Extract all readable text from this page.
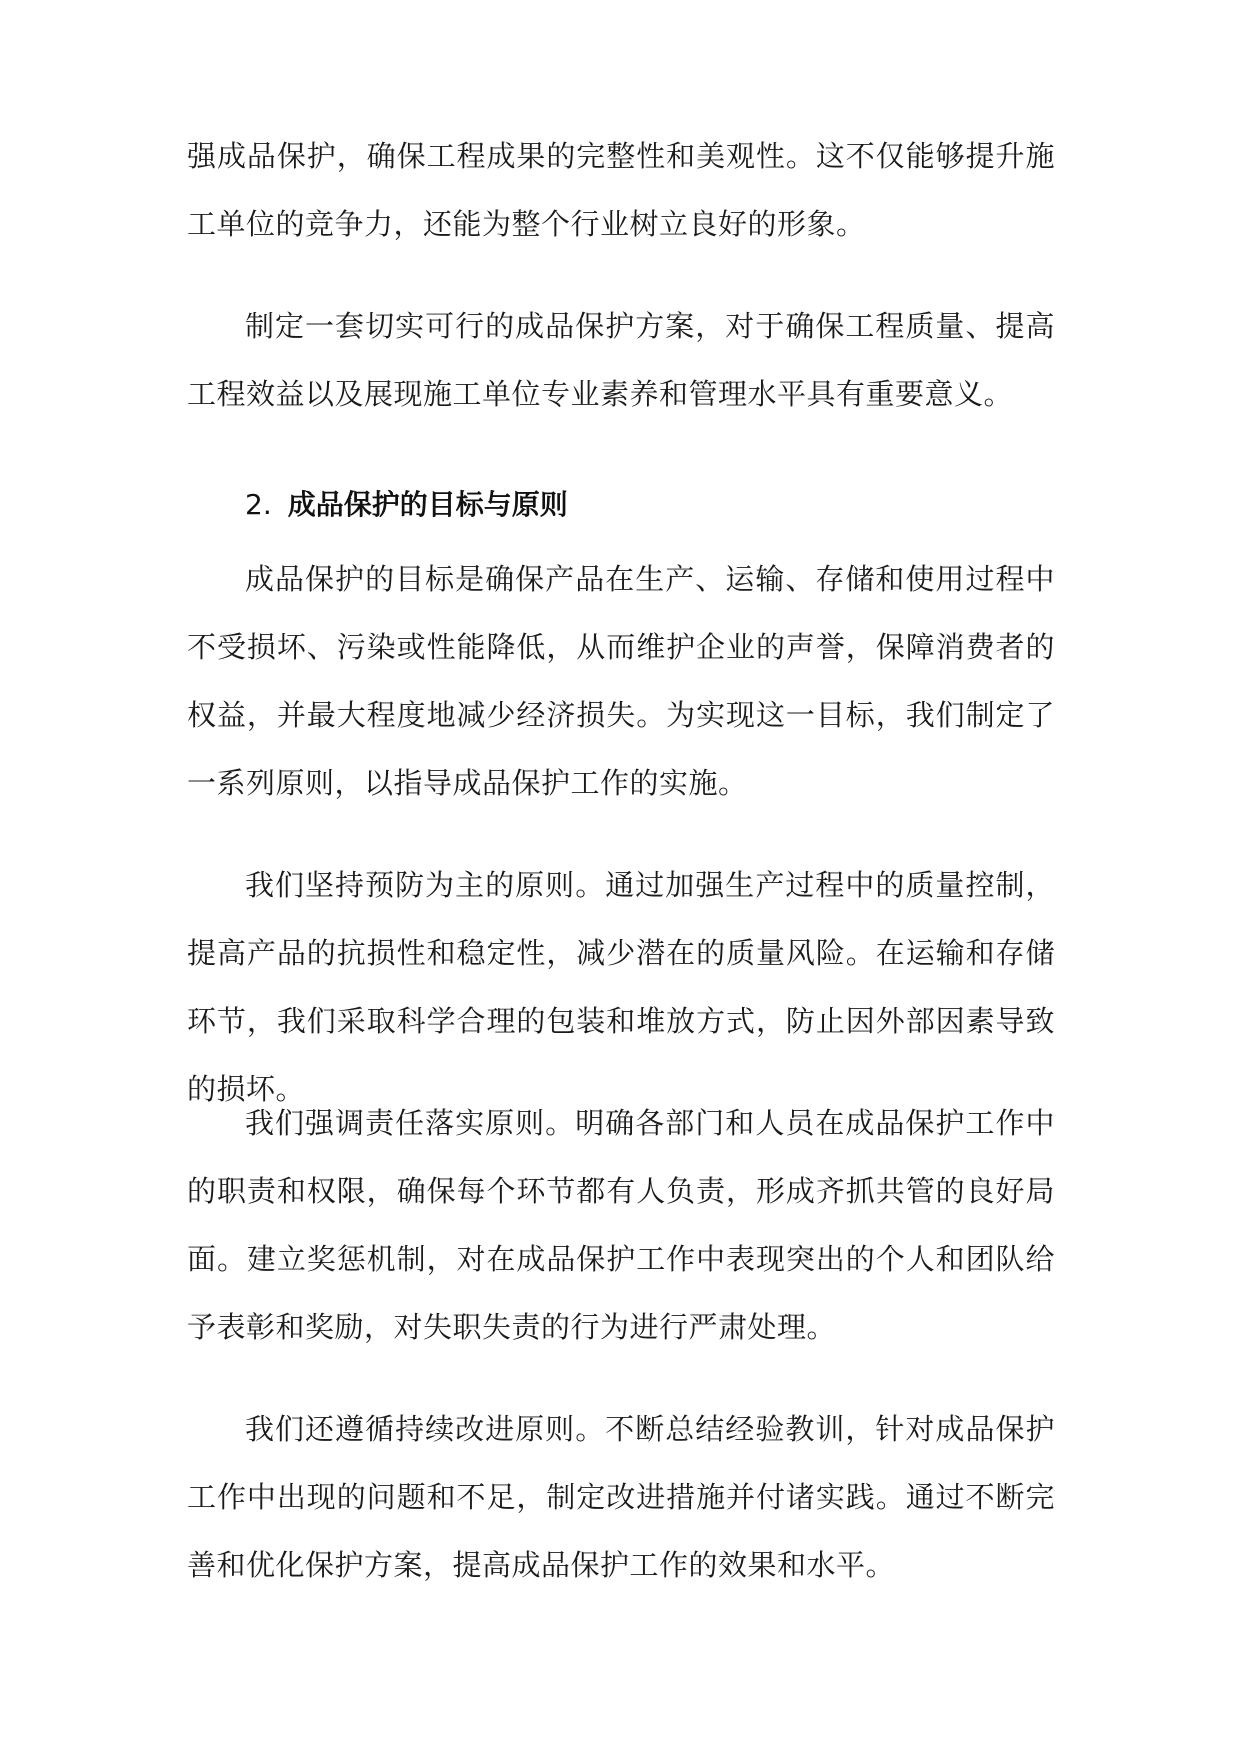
强成品保护，确保工程成果的完整性和美观性。这不仅能够提升施工单位的竞争力，还能为整个行业树立良好的形象。

制定一套切实可行的成品保护方案，对于确保工程质量、提高工程效益以及展现施工单位专业素养和管理水平具有重要意义。

2. 成品保护的目标与原则

成品保护的目标是确保产品在生产、运输、存储和使用过程中不受损坏、污染或性能降低，从而维护企业的声誉，保障消费者的权益，并最大程度地减少经济损失。为实现这一目标，我们制定了一系列原则，以指导成品保护工作的实施。

我们坚持预防为主的原则。通过加强生产过程中的质量控制，提高产品的抗损性和稳定性，减少潜在的质量风险。在运输和存储环节，我们采取科学合理的包装和堆放方式，防止因外部因素导致的损坏。

我们强调责任落实原则。明确各部门和人员在成品保护工作中的职责和权限，确保每个环节都有人负责，形成齐抓共管的良好局面。建立奖惩机制，对在成品保护工作中表现突出的个人和团队给予表彰和奖励，对失职失责的行为进行严肃处理。

我们还遵循持续改进原则。不断总结经验教训，针对成品保护工作中出现的问题和不足，制定改进措施并付诸实践。通过不断完善和优化保护方案，提高成品保护工作的效果和水平。
